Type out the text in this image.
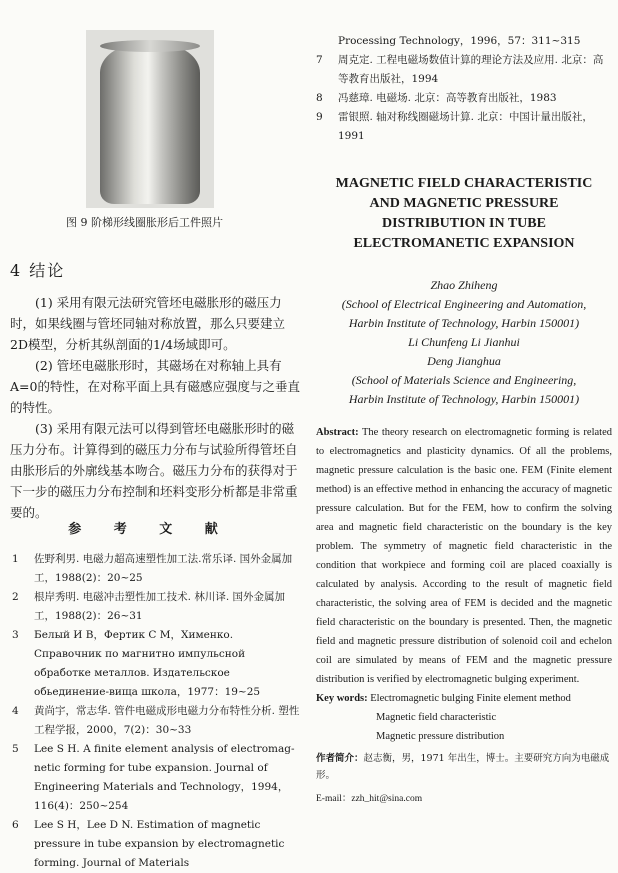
图 9 阶梯形线圈胀形后工件照片
4 结论

(1) 采用有限元法研究管坯电磁胀形的磁压力时，如果线圈与管坯同轴对称放置，那么只要建立2D模型，分析其纵剖面的1/4场域即可。

(2) 管坯电磁胀形时，其磁场在对称轴上具有A=0的特性，在对称平面上具有磁感应强度与之垂直的特性。

(3) 采用有限元法可以得到管坯电磁胀形时的磁压力分布。计算得到的磁压力分布与试验所得管坯自由胀形后的外廓线基本吻合。磁压力分布的获得对于下一步的磁压力分布控制和坯料变形分析都是非常重要的。

参 考 文 献
1	佐野利男. 电磁力超高速塑性加工法.常乐译. 国外金属加工，1988(2)：20~25
2	根岸秀明. 电磁冲击塑性加工技术. 林川译. 国外金属加工，1988(2)：26~31
3	Белый И В，Фертик С М，Хименко. Справочник по магнитно импульсной обработке металлов. Издательское обьединение-вища школа，1977：19~25
4	黄尚宇，常志华. 管件电磁成形电磁力分布特性分析. 塑性工程学报，2000，7(2)：30~33
5	Lee S H. A finite element analysis of electromag- netic forming for tube expansion. Journal of Engineering Materials and Technology，1994，116(4)：250~254
6	Lee S H，Lee D N. Estimation of magnetic pressure in tube expansion by electromagnetic forming. Journal of Materials
Processing Technology，1996，57：311~315
7	周克定. 工程电磁场数值计算的理论方法及应用. 北京：高等教育出版社，1994
8	冯慈璋. 电磁场. 北京：高等教育出版社，1983
9	雷银照. 轴对称线圈磁场计算. 北京：中国计量出版社，1991
MAGNETIC FIELD CHARACTERISTIC
AND MAGNETIC PRESSURE
DISTRIBUTION IN TUBE
ELECTROMANETIC EXPANSION
Zhao Zhiheng
(School of Electrical Engineering and Automation,
Harbin Institute of Technology, Harbin 150001)
Li Chunfeng Li Jianhui
Deng Jianghua
(School of Materials Science and Engineering,
Harbin Institute of Technology, Harbin 150001)
Abstract: The theory research on electromagnetic forming is related to electromagnetics and plasticity dynamics. Of all the problems, magnetic pressure calculation is the basic one. FEM (Finite element method) is an effective method in enhancing the accuracy of magnetic pressure calculation. But for the FEM, how to confirm the solving area and magnetic field characteristic on the boundary is the key problem. The symmetry of magnetic field characteristic in the condition that workpiece and forming coil are placed coaxially is calculated by analysis. According to the result of magnetic field characteristic, the solving area of FEM is decided and the magnetic field characteristic on the boundary is presented. Then, the magnetic field and magnetic pressure distribution of solenoid coil and echelon coil are simulated by means of FEM and the magnetic pressure distribution is verified by electromagnetic bulging experiment.
Key words: Electromagnetic bulging Finite element method
Magnetic field characteristic
Magnetic pressure distribution
作者简介：赵志衡，男，1971 年出生，博士。主要研究方向为电磁成形。
E-mail：zzh_hit@sina.com
